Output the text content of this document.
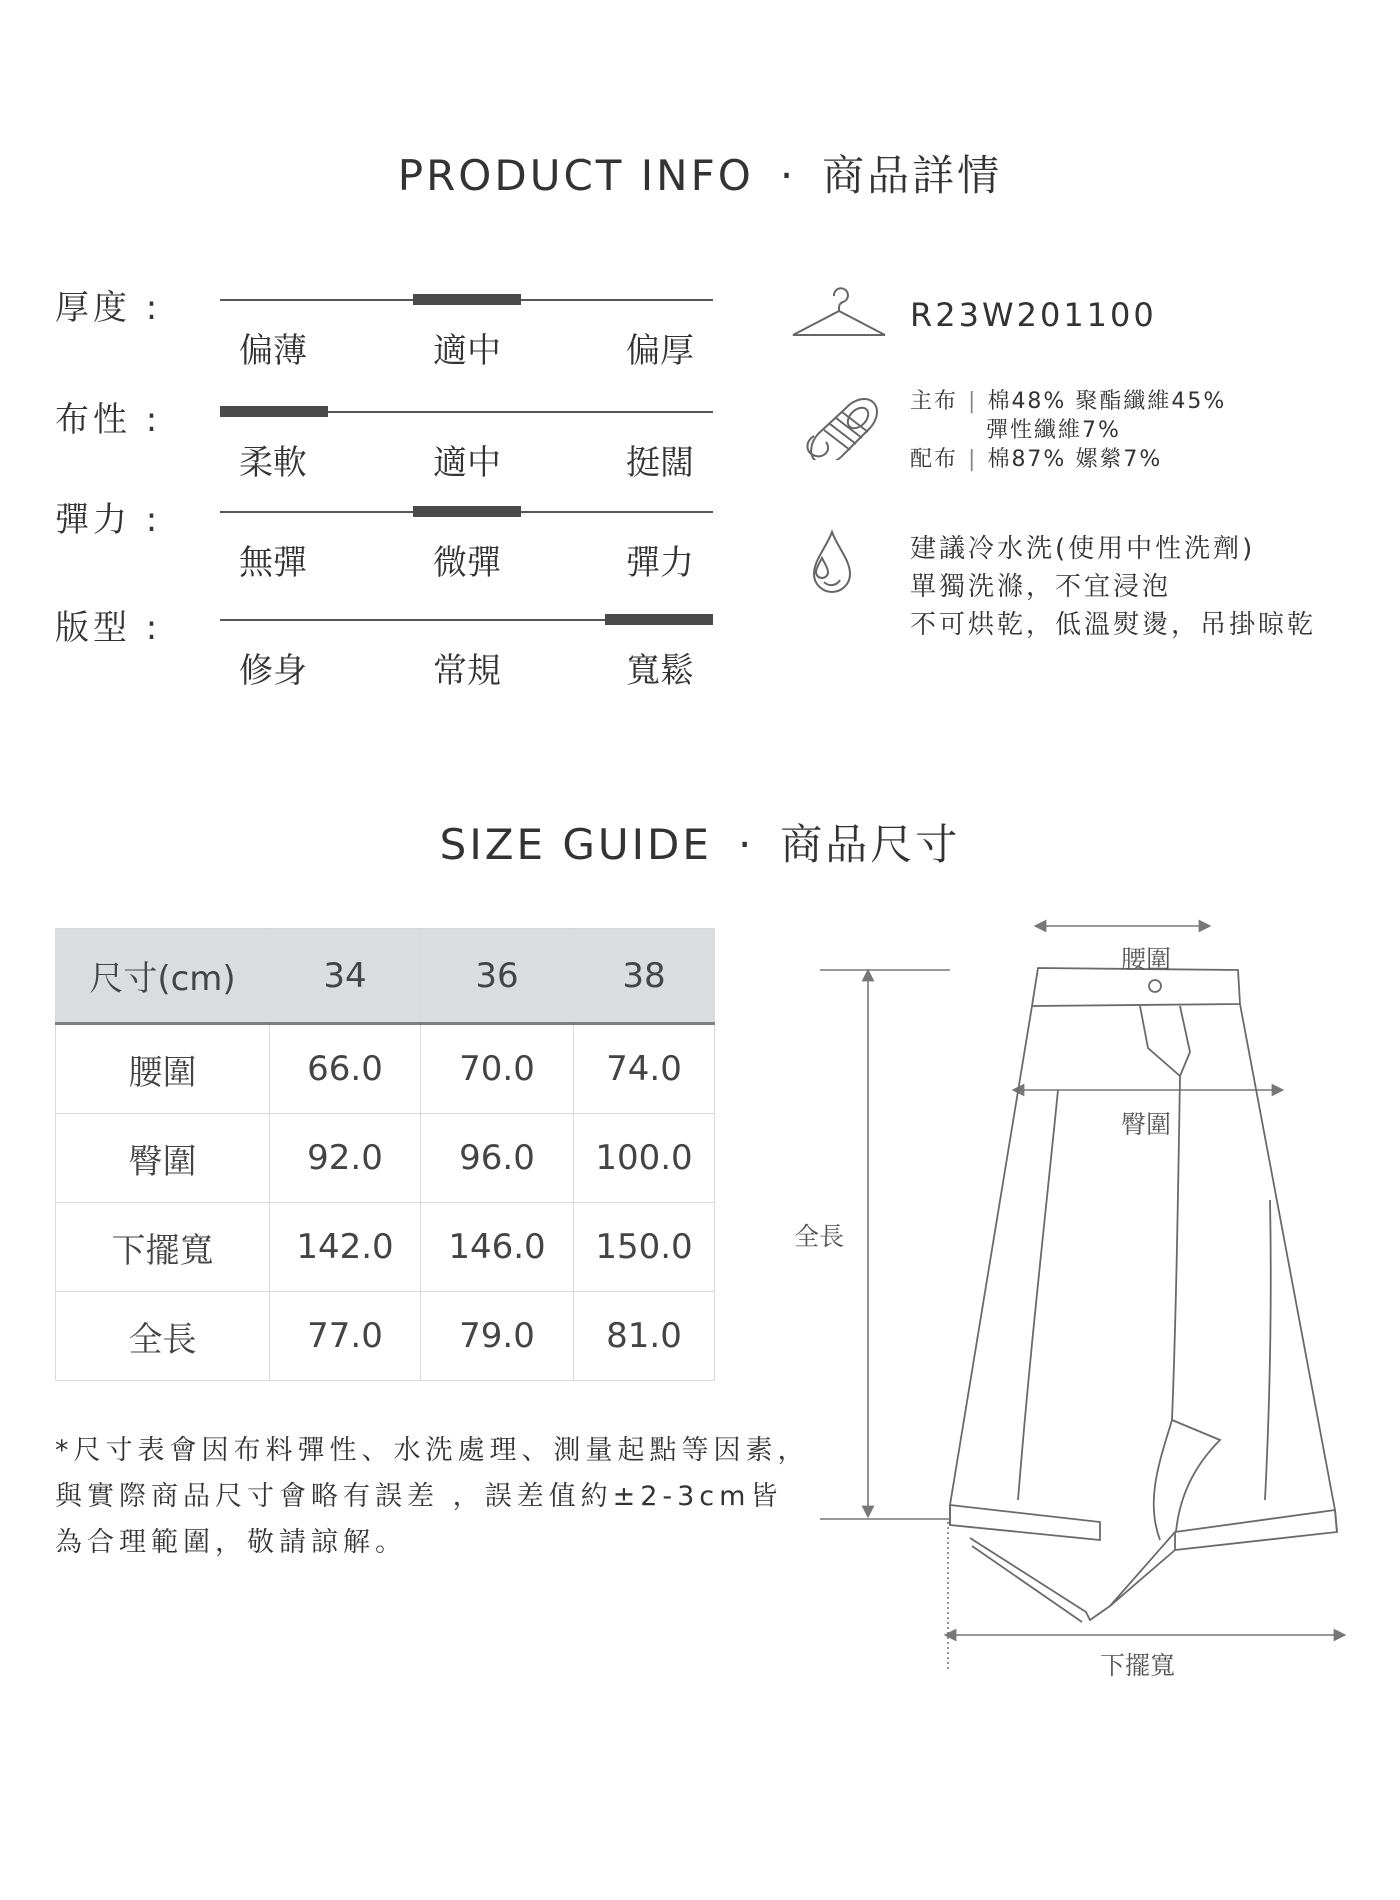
PRODUCT INFO · 商品詳情
厚度 :
偏薄	適中	偏厚
布性 :
柔軟	適中	挺闊
彈力 :
無彈	微彈	彈力
版型 :
修身	常規	寬鬆
R23W201100
主布 | 棉48% 聚酯纖維45%
彈性纖維7%
配布 | 棉87% 嫘縈7%
建議冷水洗(使用中性洗劑)
單獨洗滌，不宜浸泡
不可烘乾，低溫熨燙，吊掛晾乾
SIZE GUIDE · 商品尺寸
尺寸(cm)	34	36	38
腰圍	66.0	70.0	74.0
臀圍	92.0	96.0	100.0
下擺寬	142.0	146.0	150.0
全長	77.0	79.0	81.0
*尺寸表會因布料彈性、水洗處理、測量起點等因素，
與實際商品尺寸會略有誤差 ，誤差值約±2-3cm皆
為合理範圍，敬請諒解。
腰圍
臀圍
全長
下擺寬
